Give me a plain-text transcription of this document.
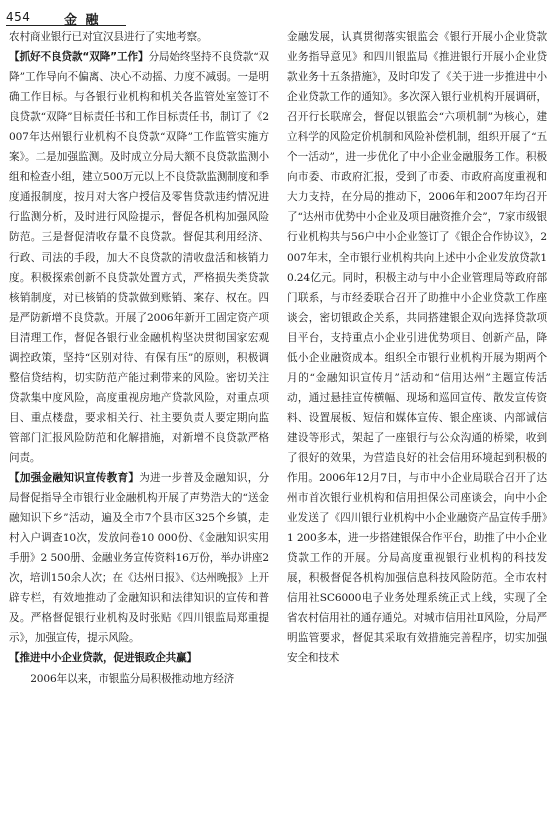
454	金 融

农村商业银行已对宜汉县进行了实地考察。

【抓好不良贷款“双降”工作】分局始终坚持不良贷款“双降”工作导向不偏离、决心不动摇、力度不减弱。一是明确工作目标。与各银行业机构和机关各监管处室签订不良贷款“双降”目标责任书和工作目标责任书，制订了《2007年达州银行业机构不良贷款“双降”工作监管实施方案》。二是加强监测。及时成立分局大额不良贷款监测小组和检查小组，建立500万元以上不良贷款监测制度和季度通报制度，按月对大客户授信及零售贷款违约情况进行监测分析，及时进行风险提示，督促各机构加强风险防范。三是督促清收存量不良贷款。督促其利用经济、行政、司法的手段，加大不良贷款的清收盘活和核销力度。积极探索创新不良贷款处置方式，严格损失类贷款核销制度，对已核销的贷款做到账销、案存、权在。四是严防新增不良贷款。开展了2006年新开工固定资产项目清理工作，督促各银行业金融机构坚决贯彻国家宏观调控政策，坚持“区别对待、有保有压”的原则，积极调整信贷结构，切实防范产能过剩带来的风险。密切关注贷款集中度风险，高度重视房地产贷款风险，对重点项目、重点楼盘，要求相关行、社主要负责人要定期向监管部门汇报风险防范和化解措施，对新增不良贷款严格问责。

【加强金融知识宣传教育】为进一步普及金融知识，分局督促指导全市银行业金融机构开展了声势浩大的“送金融知识下乡”活动，遍及全市7个县市区325个乡镇，走村入户调查10次，发放问卷10 000份、《金融知识实用手册》2 500册、金融业务宣传资料16万份，举办讲座2次，培训150余人次；在《达州日报》、《达州晚报》上开辟专栏，有效地推动了金融知识和法律知识的宣传和普及。严格督促银行业机构及时张贴《四川银监局郑重提示》，加强宣传，提示风险。

【推进中小企业贷款，促进银政企共赢】

2006年以来，市银监分局积极推动地方经济

金融发展，认真贯彻落实银监会《银行开展小企业贷款业务指导意见》和四川银监局《推进银行开展小企业贷款业务十五条措施》，及时印发了《关于进一步推进中小企业贷款工作的通知》。多次深入银行业机构开展调研，召开行长联席会，督促以银监会“六项机制”为核心，建立科学的风险定价机制和风险补偿机制，组织开展了“五个一活动”，进一步优化了中小企业金融服务工作。积极向市委、市政府汇报，受到了市委、市政府高度重视和大力支持，在分局的推动下，2006年和2007年均召开了“达州市优势中小企业及项目融资推介会”，7家市级银行业机构共与56户中小企业签订了《银企合作协议》，2007年末，全市银行业机构共向上述中小企业发放贷款10.24亿元。同时，积极主动与中小企业管理局等政府部门联系，与市经委联合召开了助推中小企业贷款工作座谈会，密切银政企关系，共同搭建银企双向选择贷款项目平台，支持重点小企业引进优势项目、创新产品，降低小企业融资成本。组织全市银行业机构开展为期两个月的“金融知识宣传月”活动和“信用达州”主题宣传活动，通过悬挂宣传横幅、现场和巡回宣传、散发宣传资料、设置展板、短信和媒体宣传、银企座谈、内部诚信建设等形式，架起了一座银行与公众沟通的桥梁，收到了很好的效果，为营造良好的社会信用环境起到积极的作用。2006年12月7日，与市中小企业局联合召开了达州市首次银行业机构和信用担保公司座谈会，向中小企业发送了《四川银行业机构中小企业融资产品宣传手册》1 200多本，进一步搭建银保合作平台，助推了中小企业贷款工作的开展。分局高度重视银行业机构的科技发展，积极督促各机构加强信息科技风险防范。全市农村信用社SC6000电子业务处理系统正式上线，实现了全省农村信用社的通存通兑。对城市信用社Ⅱ风险，分局严明监管要求，督促其采取有效措施完善程序，切实加强安全和技术
